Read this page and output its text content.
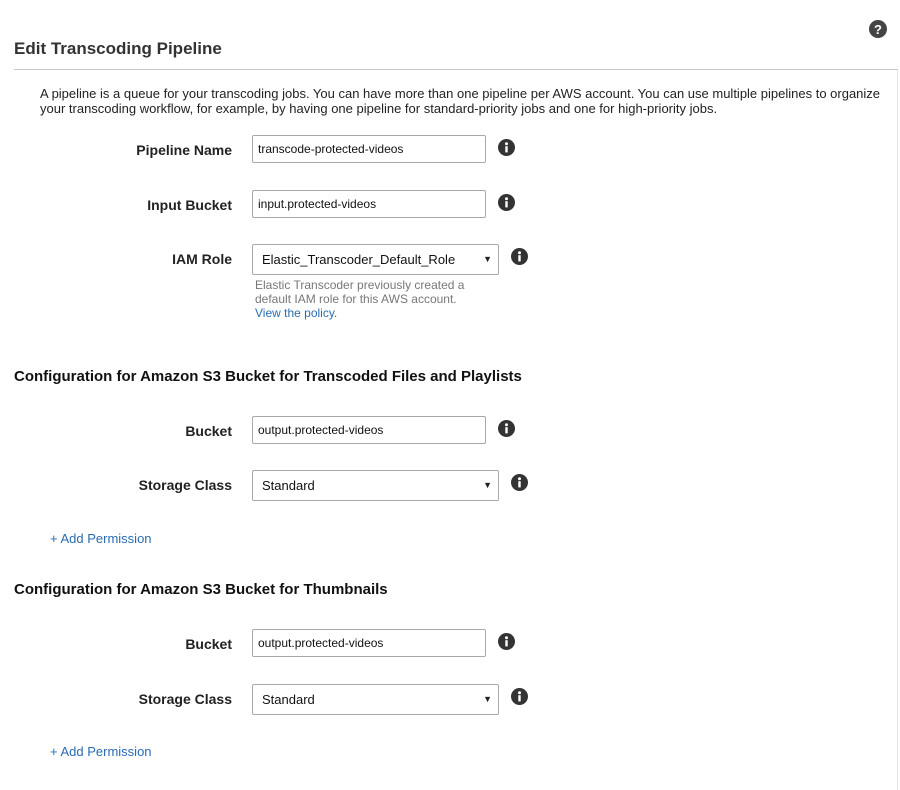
?
Edit Transcoding Pipeline
A pipeline is a queue for your transcoding jobs. You can have more than one pipeline per AWS account. You can use multiple pipelines to organize your transcoding workflow, for example, by having one pipeline for standard-priority jobs and one for high-priority jobs.
Pipeline Name
transcode-protected-videos
Input Bucket
input.protected-videos
IAM Role Elastic_Transcoder_Default_Role	▼
Elastic Transcoder previously created a default IAM role for this AWS account.
View the policy.
Configuration for Amazon S3 Bucket for Transcoded Files and Playlists
Bucket
output.protected-videos
Storage Class Standard	▼
+ Add Permission
Configuration for Amazon S3 Bucket for Thumbnails
Bucket
output.protected-videos
Storage Class Standard	▼
+ Add Permission
